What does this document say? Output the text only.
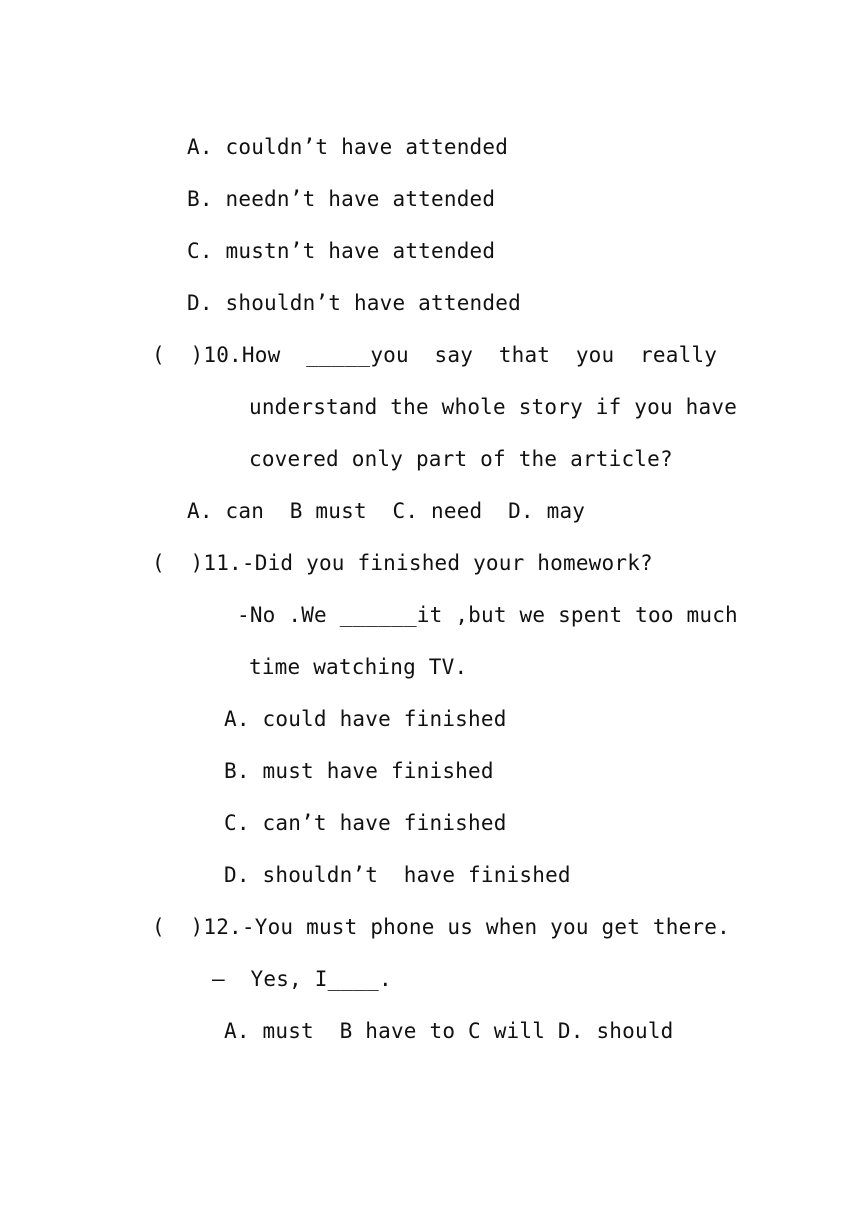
A. couldn’t have attended
B. needn’t have attended
C. mustn’t have attended
D. shouldn’t have attended
(  )10.How  _____you  say  that  you  really
understand the whole story if you have
covered only part of the article?
A. can  B must  C. need  D. may
(  )11.-Did you finished your homework?
-No .We ______it ,but we spent too much
time watching TV.
A. could have finished
B. must have finished
C. can’t have finished
D. shouldn’t  have finished
(  )12.-You must phone us when you get there.
–  Yes, I____.
A. must  B have to C will D. should
